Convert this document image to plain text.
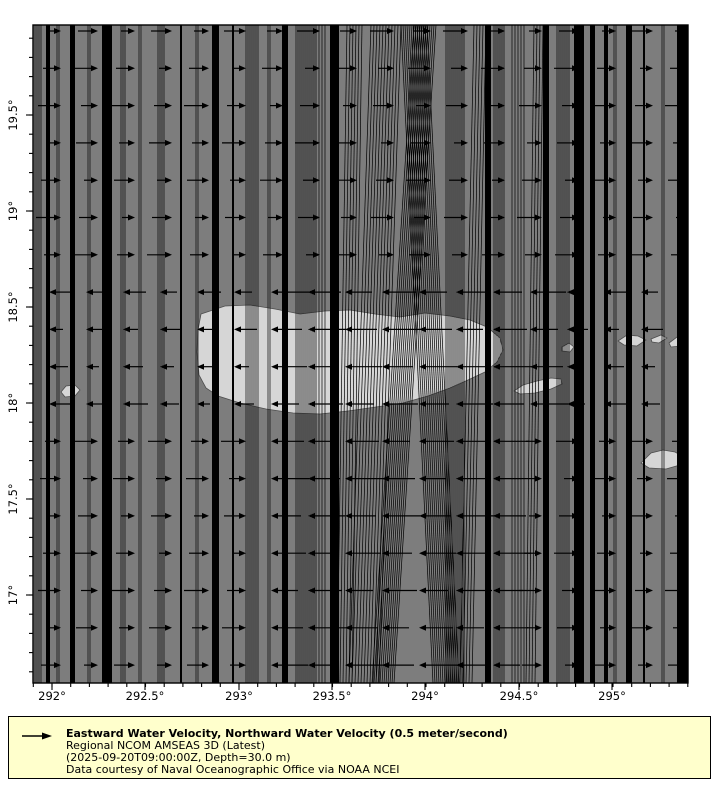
292°	292.5°	293°	293.5°	294°	294.5°	295°
19.5°
19°
18.5°
18°
17.5°
17°
Eastward Water Velocity, Northward Water Velocity (0.5 meter/second)
Regional NCOM AMSEAS 3D (Latest)
(2025-09-20T09:00:00Z, Depth=30.0 m)
Data courtesy of Naval Oceanographic Office via NOAA NCEI
